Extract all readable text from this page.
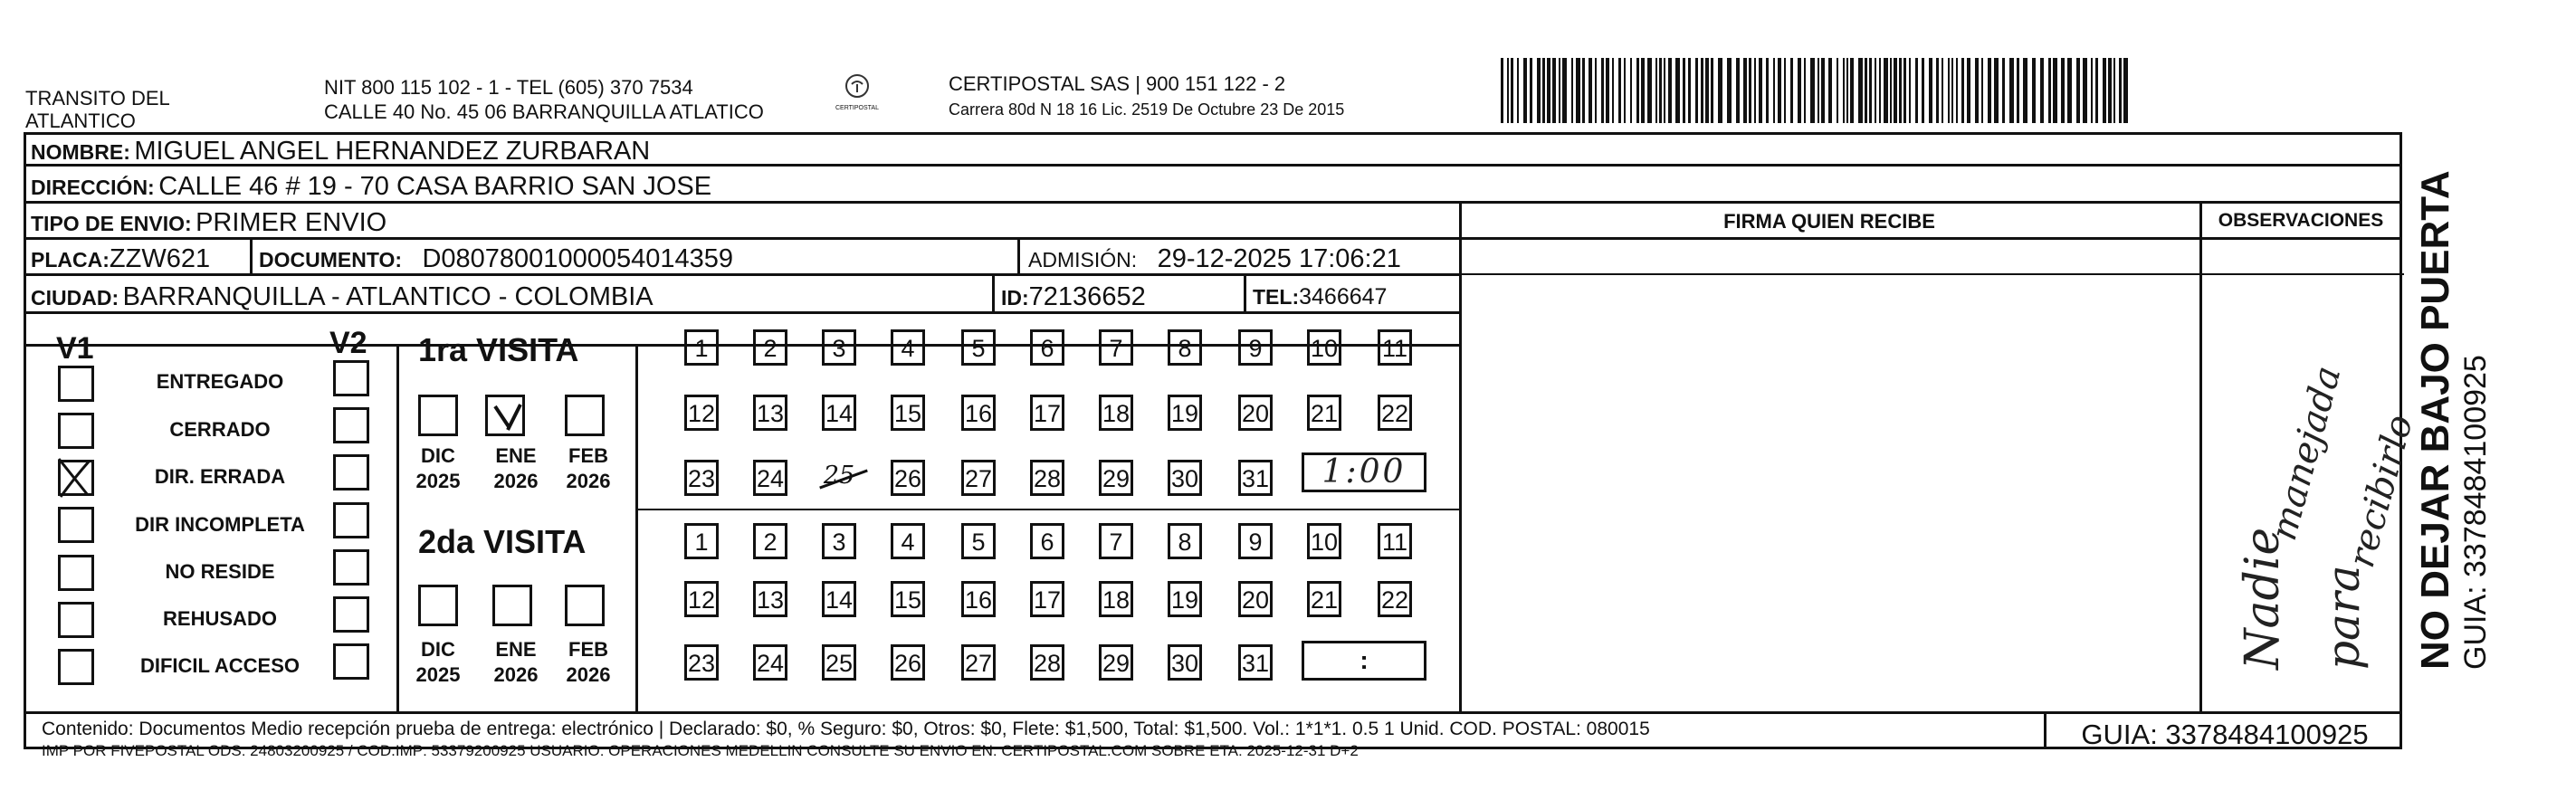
TRANSITO DEL
ATLANTICO
NIT 800 115 102 - 1 - TEL (605) 370 7534
CALLE 40 No. 45 06 BARRANQUILLA ATLATICO	CERTIPOSTAL
CERTIPOSTAL SAS | 900 151 122 - 2
Carrera 80d N 18 16 Lic. 2519 De Octubre 23 De 2015
NOMBRE: MIGUEL ANGEL HERNANDEZ ZURBARAN
DIRECCIÓN: CALLE 46 # 19 - 70 CASA BARRIO SAN JOSE
TIPO DE ENVIO: PRIMER ENVIO	FIRMA QUIEN RECIBE	OBSERVACIONES
PLACA:ZZW621 DOCUMENTO: D08078001000054014359	ADMISIÓN: 29-12-2025 17:06:21
CIUDAD: BARRANQUILLA - ATLANTICO - COLOMBIA	ID:72136652	TEL:3466647
V1	V2
ENTREGADO
CERRADO
DIR. ERRADA
DIR INCOMPLETA
NO RESIDE
REHUSADO
DIFICIL ACCESO
1ra VISITA
DIC
2025
ENE
2026
FEB
2026
1	2	3	4	5	6	7	8	9	10 11
12 13 14 15 16 17 18 19 20 21 22
23 24 25 26 27 28 29 30 31	1:00
2da VISITA
DIC
2025
ENE
2026
FEB
2026
1	2	3	4	5	6	7	8	9	10 11
12 13 14 15 16 17 18 19 20 21 22
23 24 25 26 27 28 29 30 31	:	Nadie
manejada
para
recibirlo
Contenido: Documentos Medio recepción prueba de entrega: electrónico | Declarado: $0, % Seguro: $0, Otros: $0, Flete: $1,500, Total: $1,500. Vol.: 1*1*1. 0.5 1 Unid. COD. POSTAL: 080015
IMP POR FIVEPOSTAL ODS: 24803200925 / COD.IMP: 53379200925 USUARIO: OPERACIONES MEDELLIN CONSULTE SU ENVIO EN: CERTIPOSTAL.COM SOBRE ETA: 2025-12-31 D+2
GUIA: 3378484100925
NO DEJAR BAJO PUERTA GUIA: 3378484100925
